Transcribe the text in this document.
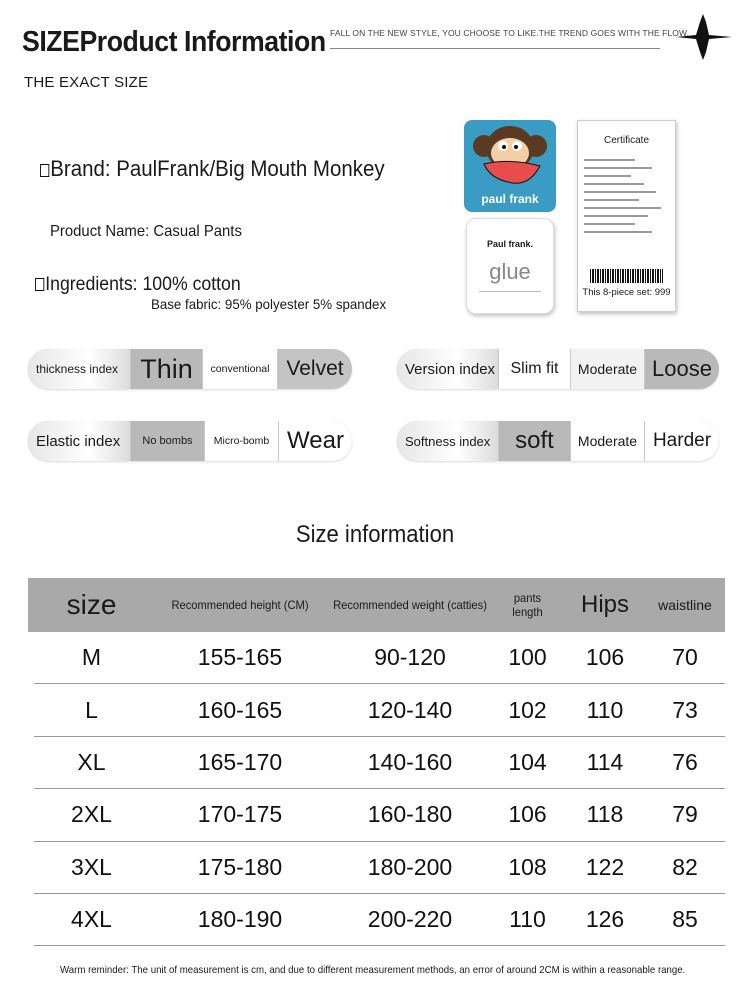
SIZEProduct Information
THE EXACT SIZE
FALL ON THE NEW STYLE, YOU CHOOSE TO LIKE.THE TREND GOES WITH THE FLOW.
Brand: PaulFrank/Big Mouth Monkey
Product Name: Casual Pants
Ingredients: 100% cotton
Base fabric: 95% polyester 5% spandex
paul frank
Paul frank.
glue
Certificate
This 8-piece set: 999
thickness index Thin	conventional Velvet	Version index Slim fit	Moderate Loose
Elastic index	No bombs	Micro-bomb Wear	Softness index	soft	Moderate Harder
Size information
size	Recommended height (CM)	Recommended weight (catties)	pants length	Hips	waistline
M	155-165	90-120	100	106	70
L	160-165	120-140	102	110	73
XL	165-170	140-160	104	114	76
2XL	170-175	160-180	106	118	79
3XL	175-180	180-200	108	122	82
4XL	180-190	200-220	110	126	85
Warm reminder: The unit of measurement is cm, and due to different measurement methods, an error of around 2CM is within a reasonable range.
